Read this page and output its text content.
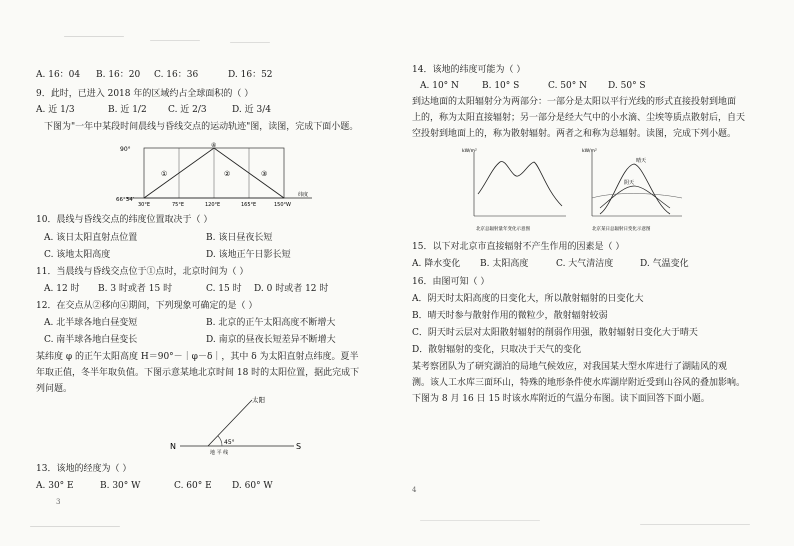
A. 16：04 B. 16：20 C. 16：36	D. 16：52
9．此时，已进入 2018 年的区域约占全球面积的（ ）
A. 近 1/3	B. 近 1/2 C. 近 2/3	D. 近 3/4
下图为"一年中某段时间晨线与昏线交点的运动轨迹"图，读图，完成下面小题。
90°
66°34′
④
①	②	③
30°E	75°E	120°E	165°E	150°W
纬度
10．晨线与昏线交点的纬度位置取决于（ ）
A. 该日太阳直射点位置	B. 该日昼夜长短
C. 该地太阳高度	D. 该地正午日影长短
11．当晨线与昏线交点位于①点时，北京时间为（ ）
A. 12 时 B. 3 时或者 15 时	C. 15 时 D. 0 时或者 12 时
12．在交点从②移向④期间，下列现象可确定的是（ ）
A. 北半球各地白昼变短	B. 北京的正午太阳高度不断增大
C. 南半球各地白昼变长	D. 南京的昼夜长短差异不断增大
某纬度 φ 的正午太阳高度 H＝90°－｜φ－δ｜，其中 δ 为太阳直射点纬度。夏半
年取正值，冬半年取负值。下图示意某地北京时间 18 时的太阳位置，据此完成下
列问题。
太阳
N	S
45°
地 平 线
13．该地的经度为（ ）
A. 30° E	B. 30° W	C. 60° E D. 60° W
3
14．该地的纬度可能为（ ）
A. 10° N	B. 10° S	C. 50° N D. 50° S
到达地面的太阳辐射分为两部分：一部分是太阳以平行光线的形式直接投射到地面
上的，称为太阳直接辐射；另一部分是经大气中的小水滴、尘埃等质点散射后，自天
空投射到地面上的，称为散射辐射。两者之和称为总辐射。读图，完成下列小题。
kW/m²
北京总辐射量年变化示意图
kW/m²
晴天
阴天
北京某日总辐射日变化示意图
15．以下对北京市直接辐射不产生作用的因素是（ ）
A. 降水变化 B. 太阳高度	C. 大气清洁度	D. 气温变化
16．由图可知（ ）
A．阴天时太阳高度的日变化大，所以散射辐射的日变化大
B．晴天时参与散射作用的微粒少，散射辐射较弱
C．阴天时云层对太阳散射辐射的削弱作用强，散射辐射日变化大于晴天
D．散射辐射的变化，只取决于天气的变化
某考察团队为了研究湖泊的局地气候效应，对我国某大型水库进行了湖陆风的观
测。该人工水库三面环山，特殊的地形条件使水库湖岸附近受到山谷风的叠加影响。
下图为 8 月 16 日 15 时该水库附近的气温分布图。读下面回答下面小题。
4
